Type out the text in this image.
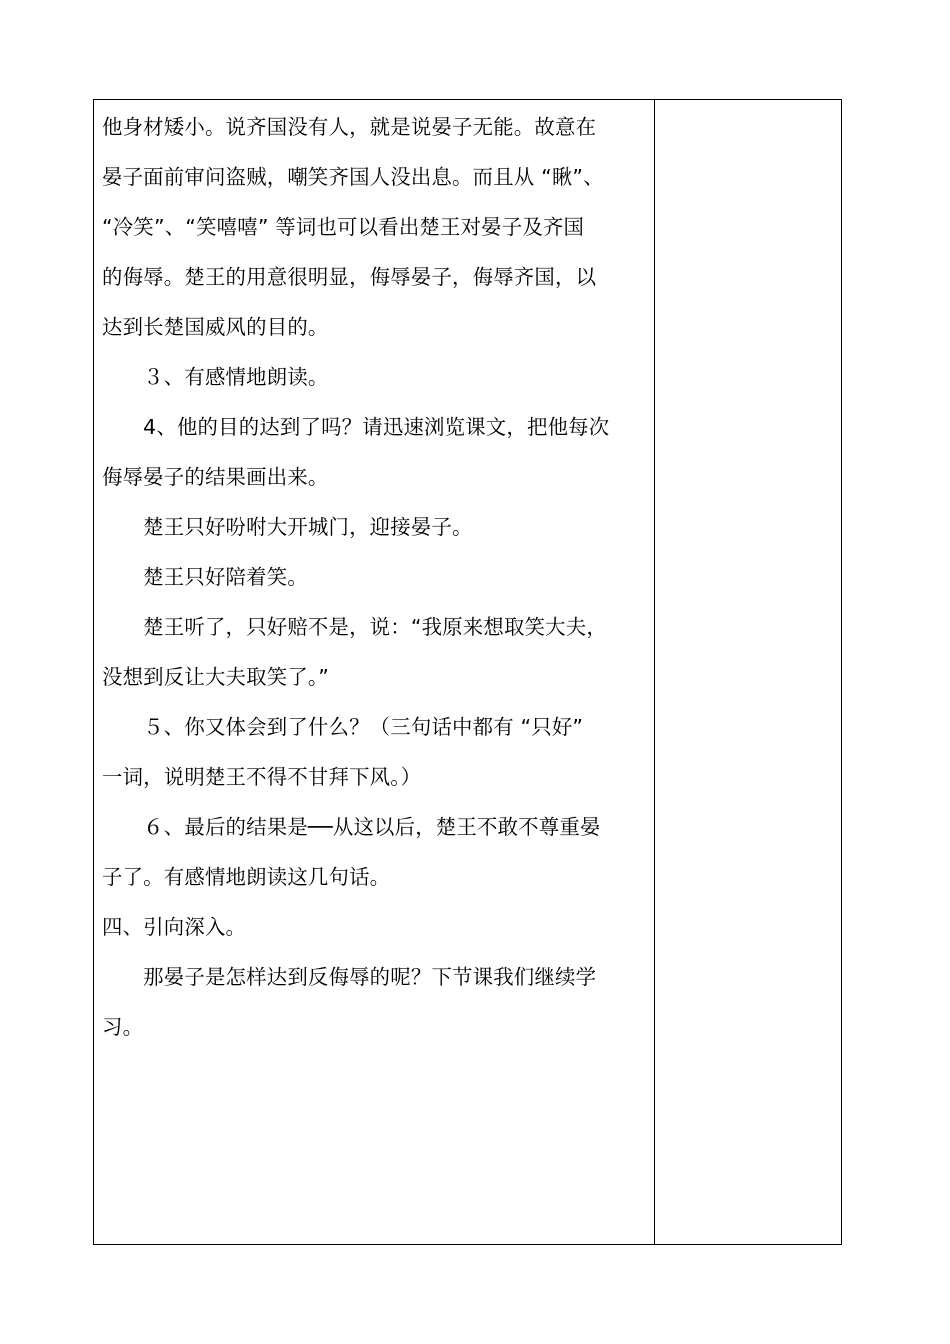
他身材矮小。说齐国没有人，就是说晏子无能。故意在
晏子面前审问盗贼，嘲笑齐国人没出息。而且从 “瞅”、
“冷笑”、“笑嘻嘻” 等词也可以看出楚王对晏子及齐国
的侮辱。楚王的用意很明显，侮辱晏子，侮辱齐国，以
达到长楚国威风的目的。
　　３、有感情地朗读。
　　4、他的目的达到了吗？请迅速浏览课文，把他每次
侮辱晏子的结果画出来。
　　楚王只好吩咐大开城门，迎接晏子。
　　楚王只好陪着笑。
　　楚王听了，只好赔不是，说：“我原来想取笑大夫，
没想到反让大夫取笑了。”
　　５、你又体会到了什么？（三句话中都有 “只好”
一词，说明楚王不得不甘拜下风。）
　　６、最后的结果是──从这以后，楚王不敢不尊重晏
子了。有感情地朗读这几句话。
四、引向深入。
　　那晏子是怎样达到反侮辱的呢？下节课我们继续学
习。
